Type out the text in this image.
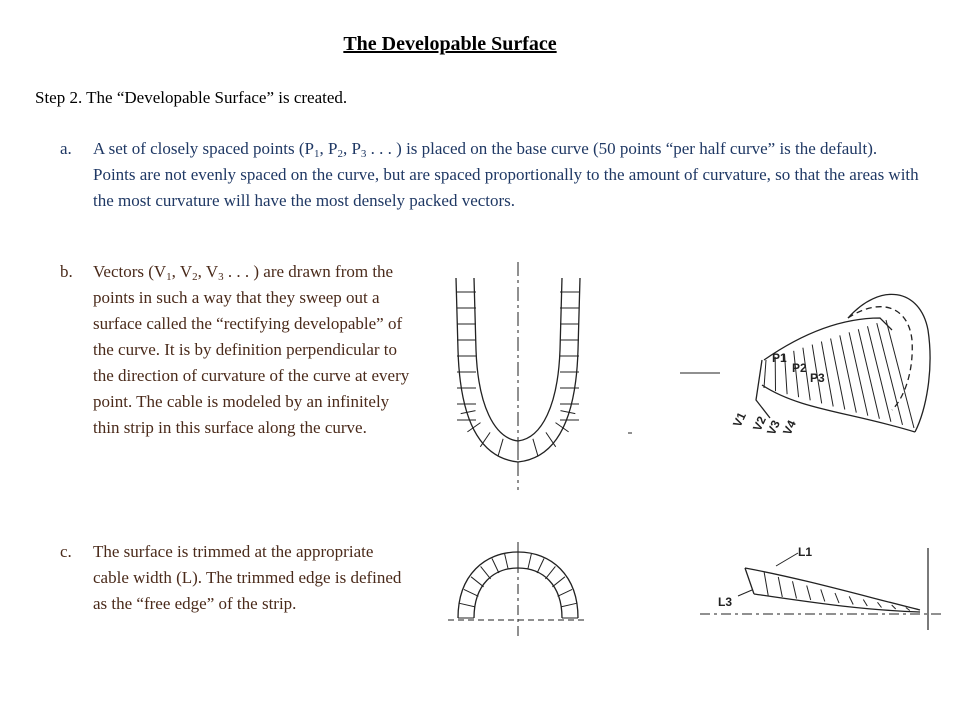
The Developable Surface
Step 2. The “Developable Surface” is created.
a. A set of closely spaced points ($P_1$, $P_2$, $P_3$ . . . ) is placed on the base curve (50 points “per half curve” is the default). Points are not evenly spaced on the curve, but are spaced proportionally to the amount of curvature, so that the areas with the most curvature will have the most densely packed vectors.
b. Vectors ($V_1$, $V_2$, $V_3$ . . . ) are drawn from the points in such a way that they sweep out a surface called the “rectifying developable” of the curve. It is by definition perpendicular to the direction of curvature of the curve at every point. The cable is modeled by an infinitely thin strip in this surface along the curve.
c. The surface is trimmed at the appropriate cable width (L). The trimmed edge is defined as the “free edge” of the strip.
P1
P2
P3
V1 V2
V3
V4
L1
L3
